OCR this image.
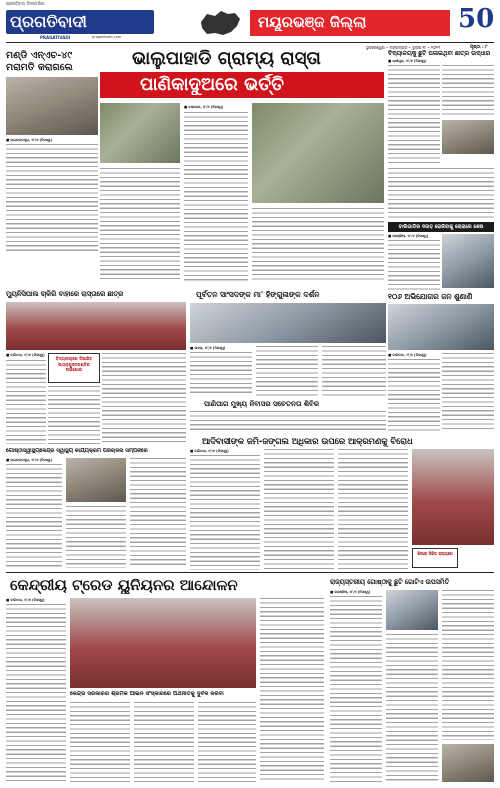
ପ୍ରଗତିବାଦୀ ଦିନପତ୍ରିକା
ପ୍ରଗତିବାଦୀ
PRAGATIVADI	pragativadi.com
ମୟୂରଭଞ୍ଜ ଜିଲ୍ଲା	50
ଭୁବନେଶ୍ୱର • ମଙ୍ଗଳବାର • ଜୁଲାଇ ୧୮ • ୨୦୨୩	ପୃଷ୍ଠା : ୮
ମଣ୍ଡି ଏନ୍‌ଏଚ-୪୯
ମରାମତି କରାଗଲେ
■ ରାଇରଙ୍ଗପୁର, ୧୮/୭ (ନିଜସ୍ୱ)
ଭାଲୁପାହାଡି ଗ୍ରାମ୍ୟ ରାସ୍ତା
ପାଣିକାଦୁଅରେ ଭର୍ତ୍ତି
■ ବାହାଲଦା, ୧୮/୭ (ନିଜସ୍ୱ)
ବିଦ୍ୟାଳୟକୁ ଛୁଟି ପଳାଇଥିବା ଛାତ୍ର ଉଦ୍ଧାର
■ ଯଶୀପୁର, ୧୮/୭ (ନିଜସ୍ୱ)
ବାଲିଗାଡିର ଦଉଡ଼ ରୋକିବାକୁ ଚୋରାରେ ଶେଷ
■ କରଞ୍ଜିଆ, ୧୮/୭ (ନିଜସ୍ୱ)
ମ୍ୟୁନିସିପାଲ ଚାକିରି ବାହାରେ ରାସ୍ତାରେ ଛାତ୍ର
■ ବାରିପଦା, ୧୮/୭ (ନିଜସ୍ୱ)
ବିଦ୍ୟାଳୟରେ ଦିଆଯିବ ପାଠ୍ୟପୁସ୍ତକଣ୍ଡିକ ଅଭିଯୋଗ
ପୂର୍ବତନ ସାଂସଦଙ୍କ ମା' ହିଙ୍ଗୁଳାଙ୍କ ଦର୍ଶନ
■ ଉଦଳା, ୧୮/୭ (ନିଜସ୍ୱ)
୧୦୬ ଅଭିଯୋଗର ଜନ ଶୁଣାଣି
■ ବାରିପଦା, ୧୮/୭ (ନିଜସ୍ୱ)
ଗୋଷ୍ଠୀସ୍ୱାସ୍ଥ୍ୟକେନ୍ଦ୍ର ସ୍ୱାସ୍ଥ୍ୟ କାର୍ଯ୍ୟକ୍ରମ ପରିଚାଳନା ସମ୍ପର୍କରେ
■ ରାଇରଙ୍ଗପୁର, ୧୮/୭ (ନିଜସ୍ୱ)
ପାଣିପାଗ ମୁଖ୍ୟ ନିବାସର ସଚେତନତା ଶିବିର
ଆଦିବାସୀଙ୍କ ଜମି-ଜଙ୍ଗଲ ଅଧିକାର ଉପରେ ଆକ୍ରମଣକୁ ବିରୋଧ
■ ବାରିପଦା, ୧୮/୭ (ନିଜସ୍ୱ)
ଝିଆରା ସିରିଜ ରାଜ୍ୟରେ
କେନ୍ଦ୍ରୀୟ ଟ୍ରେଡ ୟୁନିୟନର ଆନ୍ଦୋଳନ
■ ବାରିପଦା, ୧୮/୭ (ନିଜସ୍ୱ)
କେନ୍ଦ୍ର ସରକାରର ଶ୍ରମିକ ଆଇନ ସଂସ୍କାରରେ ଅର୍ଥନୀତିକୁ ଦୁର୍ବଳ କରିବା
ରାଜ୍ୟସ୍ତରୀୟ ଗୋଷ୍ଠୀକୁ ଛୁଟି ଗୋଟିଏ ଉପସମିତି
■ କରଞ୍ଜିଆ, ୧୮/୭ (ନିଜସ୍ୱ)
